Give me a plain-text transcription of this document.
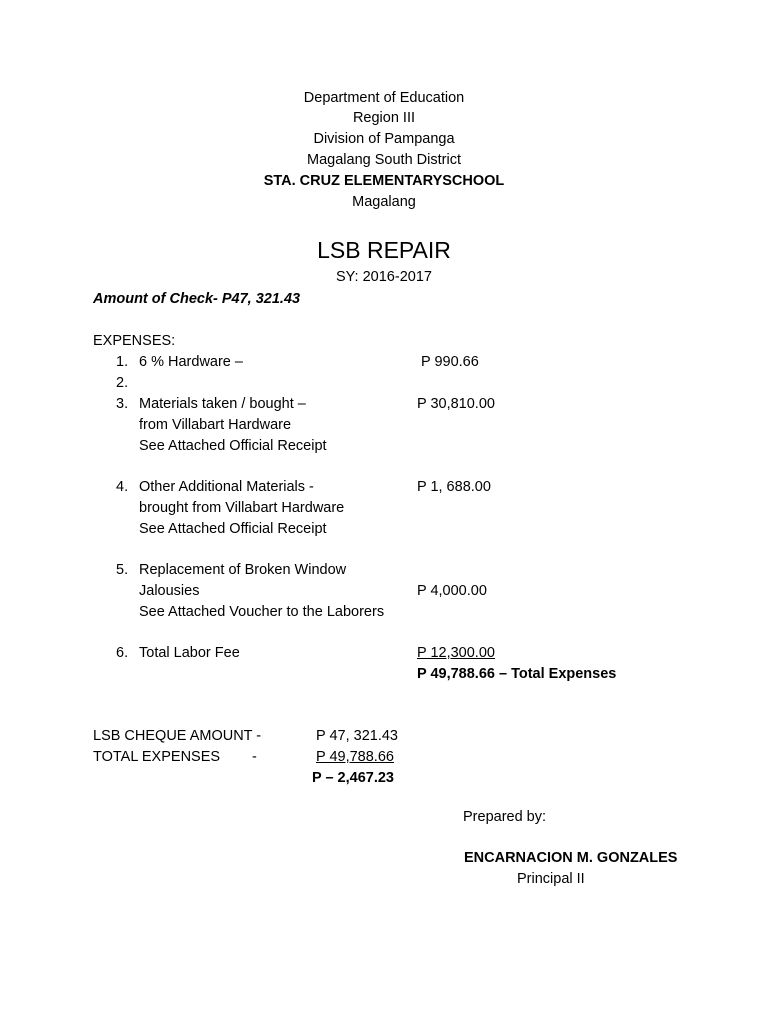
Department of Education
Region III
Division of Pampanga
Magalang South District
STA. CRUZ ELEMENTARYSCHOOL
Magalang
LSB REPAIR
SY: 2016-2017
Amount of Check- P47, 321.43
EXPENSES:
1. 6 % Hardware –	P 990.66
2.
3. Materials taken / bought –	P 30,810.00
from Villabart Hardware
See Attached Official Receipt
4. Other Additional Materials -	P 1, 688.00
brought from Villabart Hardware
See Attached Official Receipt
5. Replacement of Broken Window
Jalousies	P 4,000.00
See Attached Voucher to the Laborers
6. Total Labor Fee	P 12,300.00
P 49,788.66 – Total Expenses
LSB CHEQUE AMOUNT -	P 47, 321.43
TOTAL EXPENSES -	P 49,788.66
P – 2,467.23
Prepared by:
ENCARNACION M. GONZALES
Principal II
